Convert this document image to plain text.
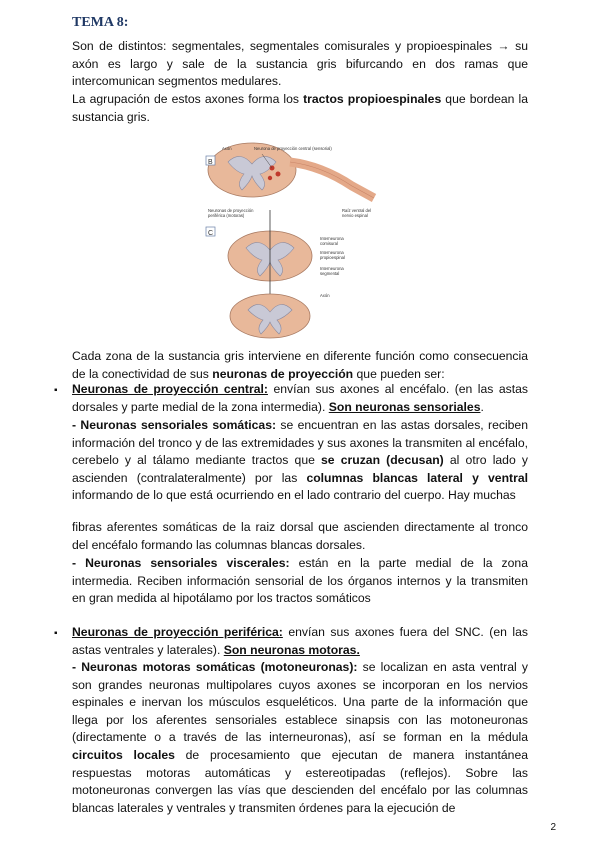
TEMA 8:

Son de distintos: segmentales, segmentales comisurales y propioespinales → su axón es largo y sale de la sustancia gris bifurcando en dos ramas que intercomunican segmentos medulares.

La agrupación de estos axones forma los tractos propioespinales que bordean la sustancia gris.

B
Axón	Neurona de proyección central (sensorial)
Neuronas de proyección
periférica (motoras)
Raíz ventral del
nervio espinal
C
Interneurona
comisural
Interneurona
propioespinal
Interneurona
segmental
Axón

Cada zona de la sustancia gris interviene en diferente función como consecuencia de la conectividad de sus neuronas de proyección que pueden ser:

▪ Neuronas de proyección central: envían sus axones al encéfalo. (en las astas dorsales y parte medial de la zona intermedia). Son neuronas sensoriales.

- Neuronas sensoriales somáticas: se encuentran en las astas dorsales, reciben información del tronco y de las extremidades y sus axones la transmiten al encéfalo, cerebelo y al tálamo mediante tractos que se cruzan (decusan) al otro lado y ascienden (contralateralmente) por las columnas blancas lateral y ventral informando de lo que está ocurriendo en el lado contrario del cuerpo. Hay muchas

fibras aferentes somáticas de la raiz dorsal que ascienden directamente al tronco del encéfalo formando las columnas blancas dorsales.

- Neuronas sensoriales viscerales: están en la parte medial de la zona intermedia. Reciben información sensorial de los órganos internos y la transmiten en gran medida al hipotálamo por los tractos somáticos

▪ Neuronas de proyección periférica: envían sus axones fuera del SNC. (en las astas ventrales y laterales). Son neuronas motoras.

- Neuronas motoras somáticas (motoneuronas): se localizan en asta ventral y son grandes neuronas multipolares cuyos axones se incorporan en los nervios espinales e inervan los músculos esqueléticos. Una parte de la información que llega por los aferentes sensoriales establece sinapsis con las motoneuronas (directamente o a través de las interneuronas), así se forman en la médula circuitos locales de procesamiento que ejecutan de manera instantánea respuestas motoras automáticas y estereotipadas (reflejos). Sobre las motoneuronas convergen las vías que descienden del encéfalo por las columnas blancas laterales y ventrales y transmiten órdenes para la ejecución de

2
